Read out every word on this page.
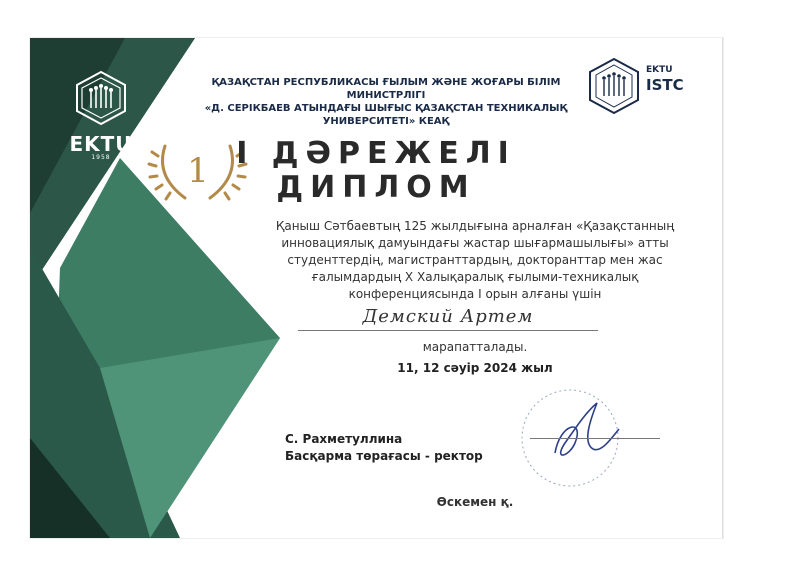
1
EKTU
1958
ҚАЗАҚСТАН РЕСПУБЛИКАСЫ ҒЫЛЫМ ЖӘНЕ ЖОҒАРЫ БІЛІМ МИНИСТРЛІГІ
«Д. СЕРІКБАЕВ АТЫНДАҒЫ ШЫҒЫС ҚАЗАҚСТАН ТЕХНИКАЛЫҚ
УНИВЕРСИТЕТІ» КЕАҚ
EKTU
ISTC
І ДӘРЕЖЕЛІ
ДИПЛОМ
Қаныш Сәтбаевтың 125 жылдығына арналған «Қазақстанның
инновациялық дамуындағы жастар шығармашылығы» атты
студенттердің, магистранттардың, докторанттар мен жас
ғалымдардың X Халықаралық ғылыми-техникалық
конференциясында I орын алғаны үшін
Демский Артем
марапатталады.
11, 12 сәуір 2024 жыл
С. Рахметуллина
Басқарма төрағасы - ректор
Өскемен қ.
